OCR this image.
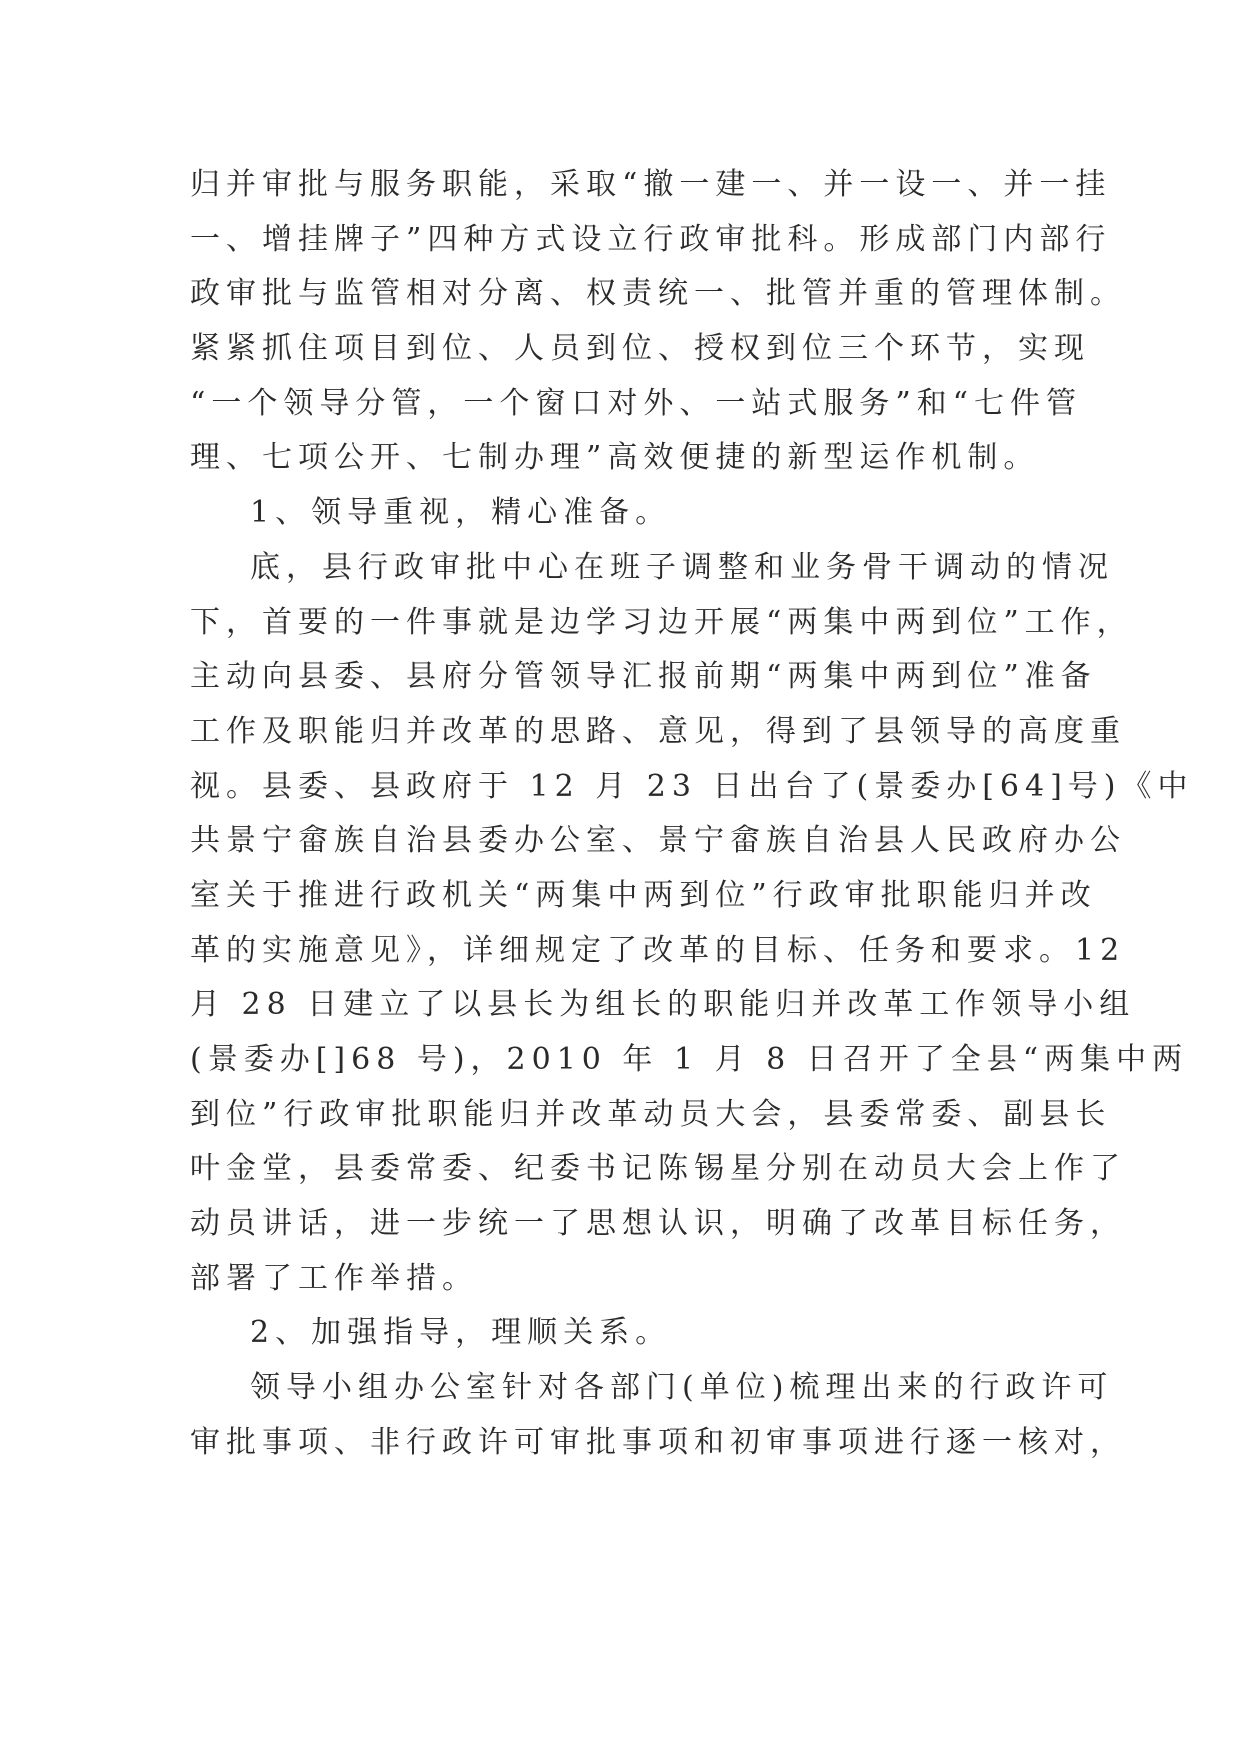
归并审批与服务职能，采取“撤一建一、并一设一、并一挂
一、增挂牌子”四种方式设立行政审批科。形成部门内部行
政审批与监管相对分离、权责统一、批管并重的管理体制。
紧紧抓住项目到位、人员到位、授权到位三个环节，实现
“一个领导分管，一个窗口对外、一站式服务”和“七件管
理、七项公开、七制办理”高效便捷的新型运作机制。
1、领导重视，精心准备。
底，县行政审批中心在班子调整和业务骨干调动的情况
下，首要的一件事就是边学习边开展“两集中两到位”工作，
主动向县委、县府分管领导汇报前期“两集中两到位”准备
工作及职能归并改革的思路、意见，得到了县领导的高度重
视。县委、县政府于 12 月 23 日出台了(景委办[64]号)《中
共景宁畲族自治县委办公室、景宁畲族自治县人民政府办公
室关于推进行政机关“两集中两到位”行政审批职能归并改
革的实施意见》，详细规定了改革的目标、任务和要求。12
月 28 日建立了以县长为组长的职能归并改革工作领导小组
(景委办[]68 号)，2010 年 1 月 8 日召开了全县“两集中两
到位”行政审批职能归并改革动员大会，县委常委、副县长
叶金堂，县委常委、纪委书记陈锡星分别在动员大会上作了
动员讲话，进一步统一了思想认识，明确了改革目标任务，
部署了工作举措。
2、加强指导，理顺关系。
领导小组办公室针对各部门(单位)梳理出来的行政许可
审批事项、非行政许可审批事项和初审事项进行逐一核对，
